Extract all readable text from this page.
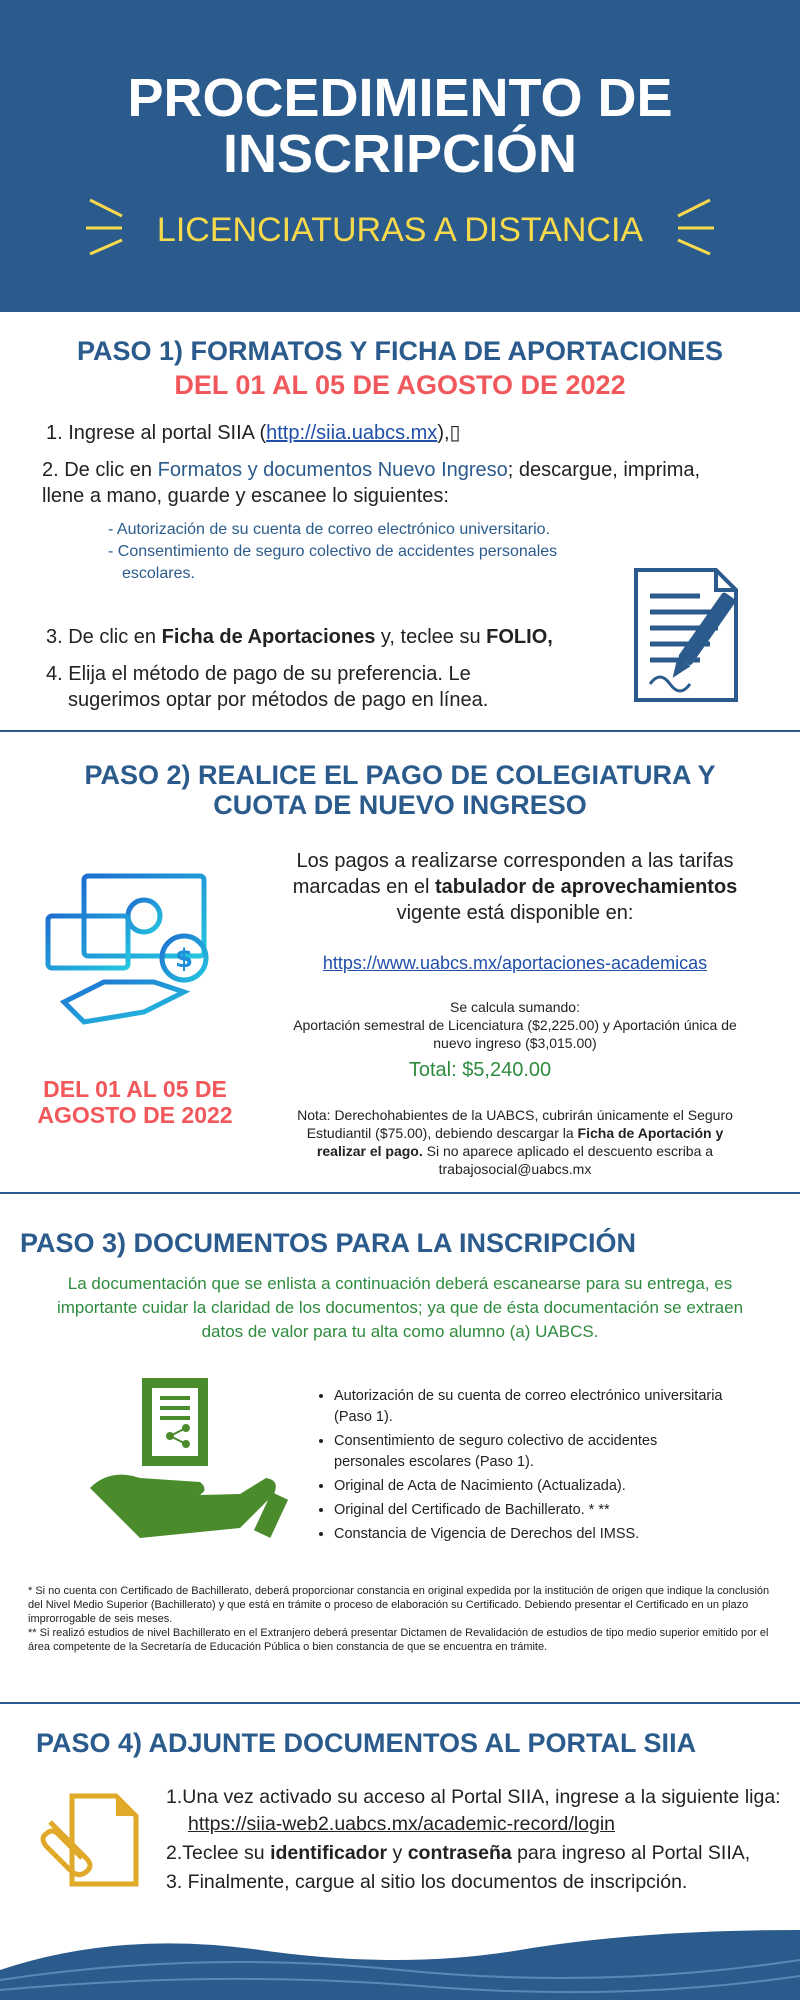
PROCEDIMIENTO DE
INSCRIPCIÓN
LICENCIATURAS A DISTANCIA
PASO 1) FORMATOS Y FICHA DE APORTACIONES
DEL 01 AL 05 DE AGOSTO DE 2022
1. Ingrese al portal SIIA (http://siia.uabcs.mx),▯
2. De clic en Formatos y documentos Nuevo Ingreso; descargue, imprima, llene a mano, guarde y escanee lo siguientes:
- Autorización de su cuenta de correo electrónico universitario.
- Consentimiento de seguro colectivo de accidentes personales escolares.
3. De clic en Ficha de Aportaciones y, teclee su FOLIO,
4. Elija el método de pago de su preferencia. Le sugerimos optar por métodos de pago en línea.
PASO 2) REALICE EL PAGO DE COLEGIATURA Y
CUOTA DE NUEVO INGRESO
$
DEL 01 AL 05 DE AGOSTO DE 2022
Los pagos a realizarse corresponden a las tarifas marcadas en el tabulador de aprovechamientos vigente está disponible en:
https://www.uabcs.mx/aportaciones-academicas
Se calcula sumando:
Aportación semestral de Licenciatura ($2,225.00) y Aportación única de nuevo ingreso ($3,015.00)
Total: $5,240.00
Nota: Derechohabientes de la UABCS, cubrirán únicamente el Seguro Estudiantil ($75.00), debiendo descargar la Ficha de Aportación y realizar el pago. Si no aparece aplicado el descuento escriba a trabajosocial@uabcs.mx
PASO 3) DOCUMENTOS PARA LA INSCRIPCIÓN
La documentación que se enlista a continuación deberá escanearse para su entrega, es importante cuidar la claridad de los documentos; ya que de ésta documentación se extraen datos de valor para tu alta como alumno (a) UABCS.
• Autorización de su cuenta de correo electrónico universitaria (Paso 1).
• Consentimiento de seguro colectivo de accidentes personales escolares (Paso 1).
• Original de Acta de Nacimiento (Actualizada).
• Original del Certificado de Bachillerato. * **
• Constancia de Vigencia de Derechos del IMSS.
* Si no cuenta con Certificado de Bachillerato, deberá proporcionar constancia en original expedida por la institución de origen que indique la conclusión del Nivel Medio Superior (Bachillerato) y que está en trámite o proceso de elaboración su Certificado. Debiendo presentar el Certificado en un plazo improrrogable de seis meses.
** Si realizó estudios de nivel Bachillerato en el Extranjero deberá presentar Dictamen de Revalidación de estudios de tipo medio superior emitido por el área competente de la Secretaría de Educación Pública o bien constancia de que se encuentra en trámite.
PASO 4) ADJUNTE DOCUMENTOS AL PORTAL SIIA
1.Una vez activado su acceso al Portal SIIA, ingrese a la siguiente liga: https://siia-web2.uabcs.mx/academic-record/login
2.Teclee su identificador y contraseña para ingreso al Portal SIIA,
3. Finalmente, cargue al sitio los documentos de inscripción.
